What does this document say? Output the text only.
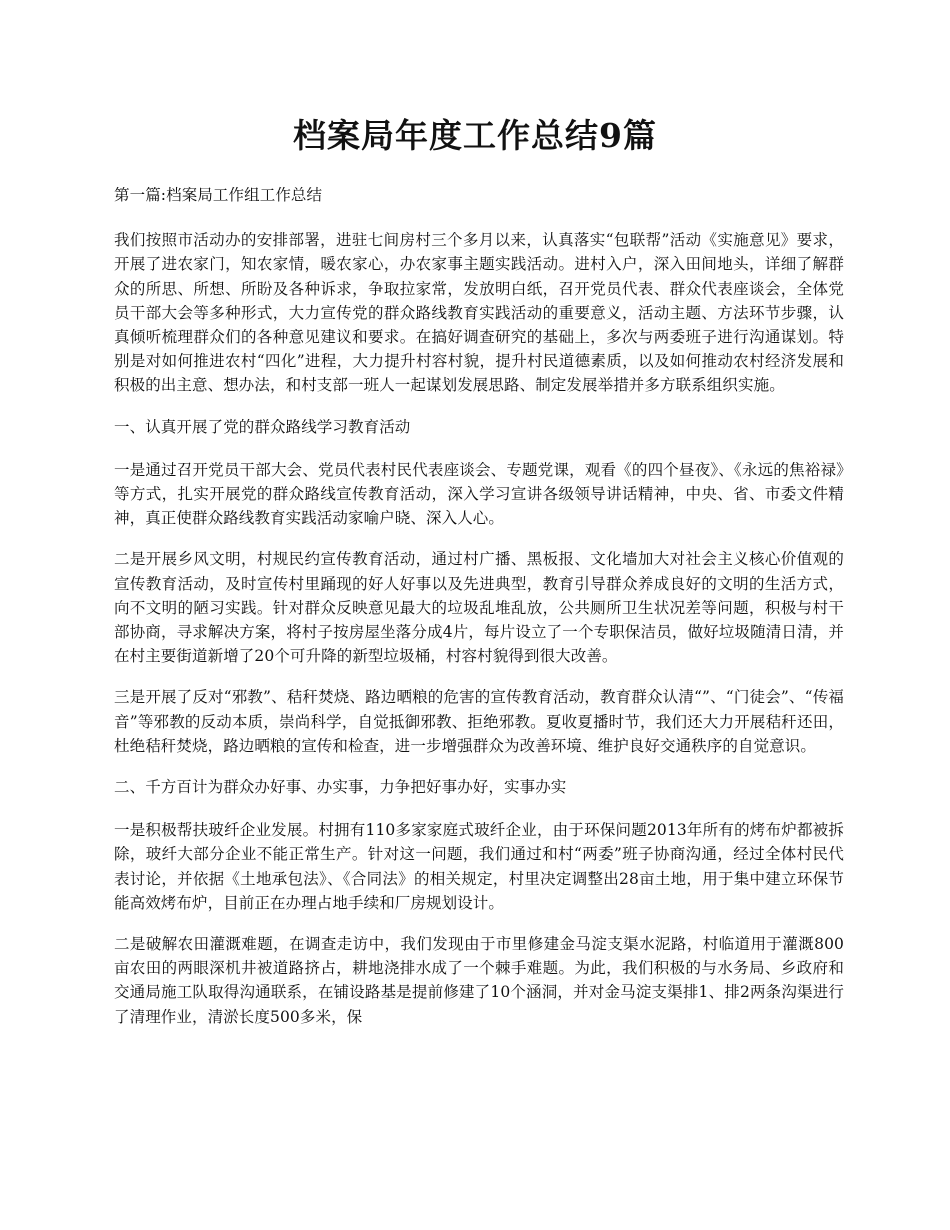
档案局年度工作总结9篇

第一篇:档案局工作组工作总结

我们按照市活动办的安排部署，进驻七间房村三个多月以来，认真落实“包联帮”活动《实施意见》要求，开展了进农家门，知农家情，暖农家心，办农家事主题实践活动。进村入户，深入田间地头，详细了解群众的所思、所想、所盼及各种诉求，争取拉家常，发放明白纸，召开党员代表、群众代表座谈会，全体党员干部大会等多种形式，大力宣传党的群众路线教育实践活动的重要意义，活动主题、方法环节步骤，认真倾听梳理群众们的各种意见建议和要求。在搞好调查研究的基础上，多次与两委班子进行沟通谋划。特别是对如何推进农村“四化”进程，大力提升村容村貌，提升村民道德素质，以及如何推动农村经济发展和积极的出主意、想办法，和村支部一班人一起谋划发展思路、制定发展举措并多方联系组织实施。

一、认真开展了党的群众路线学习教育活动

一是通过召开党员干部大会、党员代表村民代表座谈会、专题党课，观看《的四个昼夜》、《永远的焦裕禄》等方式，扎实开展党的群众路线宣传教育活动，深入学习宣讲各级领导讲话精神，中央、省、市委文件精神，真正使群众路线教育实践活动家喻户晓、深入人心。

二是开展乡风文明，村规民约宣传教育活动，通过村广播、黑板报、文化墙加大对社会主义核心价值观的宣传教育活动，及时宣传村里踊现的好人好事以及先进典型，教育引导群众养成良好的文明的生活方式，向不文明的陋习实践。针对群众反映意见最大的垃圾乱堆乱放，公共厕所卫生状况差等问题，积极与村干部协商，寻求解决方案，将村子按房屋坐落分成4片，每片设立了一个专职保洁员，做好垃圾随清日清，并在村主要街道新增了20个可升降的新型垃圾桶，村容村貌得到很大改善。

三是开展了反对“邪教”、秸秆焚烧、路边晒粮的危害的宣传教育活动，教育群众认清“”、“门徒会”、“传福音”等邪教的反动本质，崇尚科学，自觉抵御邪教、拒绝邪教。夏收夏播时节，我们还大力开展秸秆还田，杜绝秸秆焚烧，路边晒粮的宣传和检查，进一步增强群众为改善环境、维护良好交通秩序的自觉意识。

二、千方百计为群众办好事、办实事，力争把好事办好，实事办实

一是积极帮扶玻纤企业发展。村拥有110多家家庭式玻纤企业，由于环保问题2013年所有的烤布炉都被拆除，玻纤大部分企业不能正常生产。针对这一问题，我们通过和村“两委”班子协商沟通，经过全体村民代表讨论，并依据《土地承包法》、《合同法》的相关规定，村里决定调整出28亩土地，用于集中建立环保节能高效烤布炉，目前正在办理占地手续和厂房规划设计。

二是破解农田灌溉难题，在调查走访中，我们发现由于市里修建金马淀支渠水泥路，村临道用于灌溉800亩农田的两眼深机井被道路挤占，耕地浇排水成了一个棘手难题。为此，我们积极的与水务局、乡政府和交通局施工队取得沟通联系，在铺设路基是提前修建了10个涵洞，并对金马淀支渠排1、排2两条沟渠进行了清理作业，清淤长度500多米，保
